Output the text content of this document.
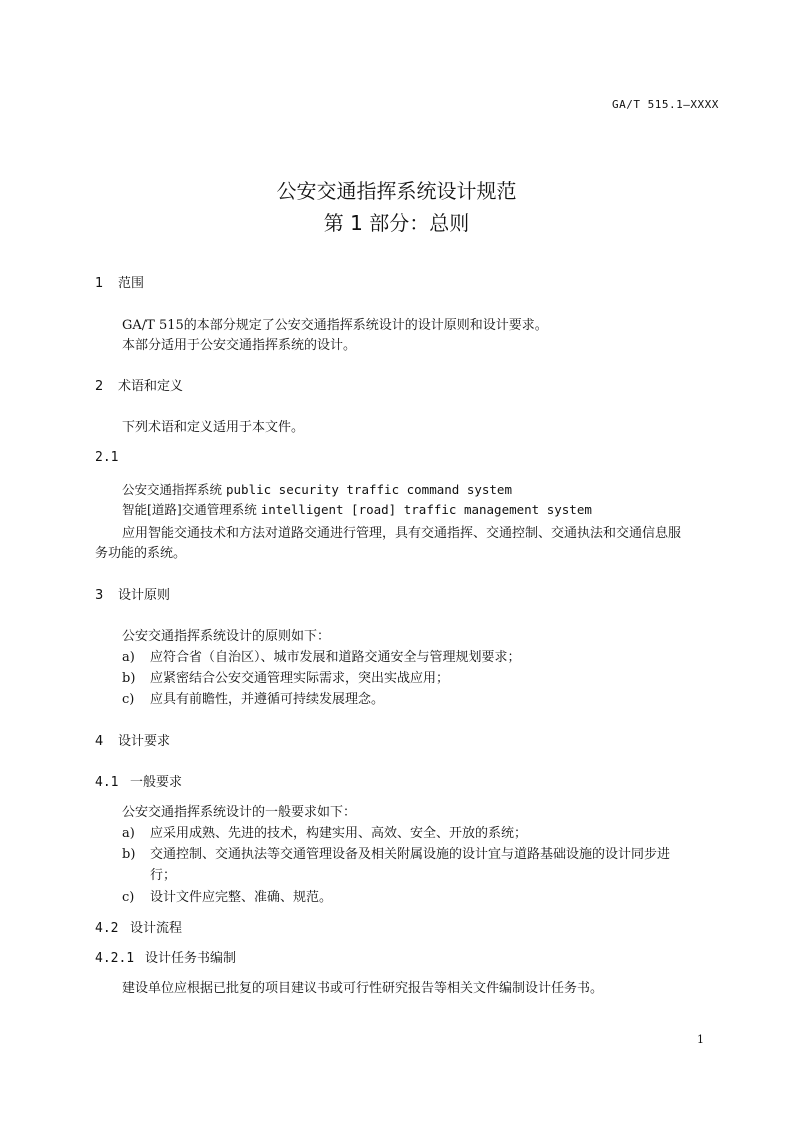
GA/T 515.1—XXXX
公安交通指挥系统设计规范
第 1 部分：总则
1 范围
GA/T 515的本部分规定了公安交通指挥系统设计的设计原则和设计要求。
本部分适用于公安交通指挥系统的设计。
2 术语和定义
下列术语和定义适用于本文件。
2.1
公安交通指挥系统 public security traffic command system
智能[道路]交通管理系统 intelligent [road] traffic management system
应用智能交通技术和方法对道路交通进行管理，具有交通指挥、交通控制、交通执法和交通信息服
务功能的系统。
3 设计原则
公安交通指挥系统设计的原则如下：
a) 应符合省（自治区）、城市发展和道路交通安全与管理规划要求；
b) 应紧密结合公安交通管理实际需求，突出实战应用；
c) 应具有前瞻性，并遵循可持续发展理念。
4 设计要求
4.1 一般要求
公安交通指挥系统设计的一般要求如下：
a) 应采用成熟、先进的技术，构建实用、高效、安全、开放的系统；
b) 交通控制、交通执法等交通管理设备及相关附属设施的设计宜与道路基础设施的设计同步进
行；
c) 设计文件应完整、准确、规范。
4.2 设计流程
4.2.1 设计任务书编制
建设单位应根据已批复的项目建议书或可行性研究报告等相关文件编制设计任务书。
1
